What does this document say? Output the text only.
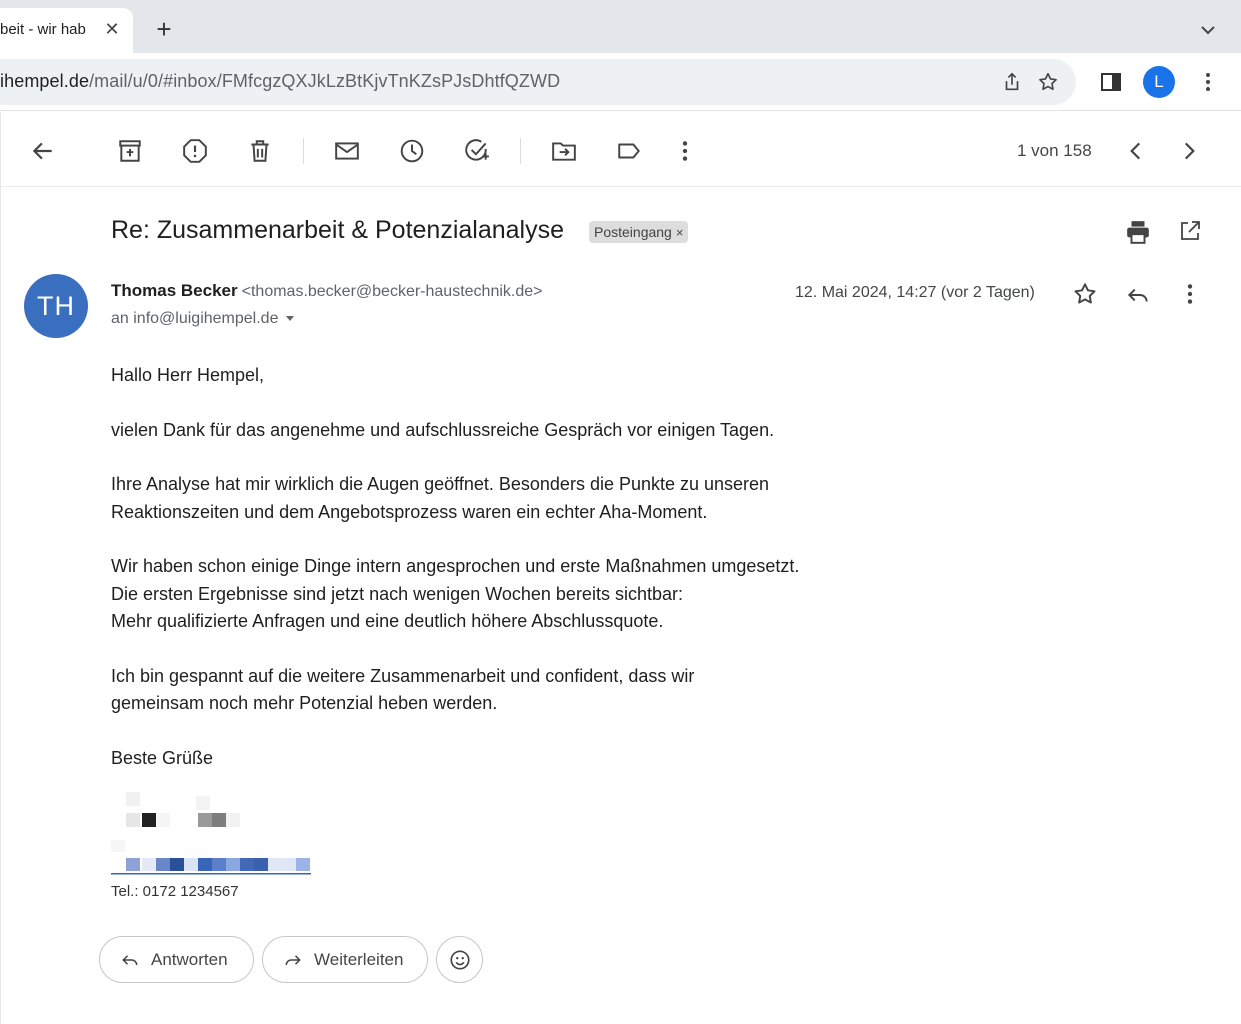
beit - wir hab	✕ +
ihempel.de/mail/u/0/#inbox/FMfcgzQXJkLzBtKjvTnKZsPJsDhtfQZWD	L
1 von 158
Re: Zusammenarbeit & Potenzialanalyse	Posteingang ×
TH
Thomas Becker <thomas.becker@becker-haustechnik.de>
an info@luigihempel.de
12. Mai 2024, 14:27 (vor 2 Tagen)

Hallo Herr Hempel,

vielen Dank für das angenehme und aufschlussreiche Gespräch vor einigen Tagen.

Ihre Analyse hat mir wirklich die Augen geöffnet. Besonders die Punkte zu unseren
Reaktionszeiten und dem Angebotsprozess waren ein echter Aha-Moment.

Wir haben schon einige Dinge intern angesprochen und erste Maßnahmen umgesetzt.
Die ersten Ergebnisse sind jetzt nach wenigen Wochen bereits sichtbar:
Mehr qualifizierte Anfragen und eine deutlich höhere Abschlussquote.

Ich bin gespannt auf die weitere Zusammenarbeit und confident, dass wir
gemeinsam noch mehr Potenzial heben werden.

Beste Grüße

Tel.: 0172 1234567
Antworten	Weiterleiten
